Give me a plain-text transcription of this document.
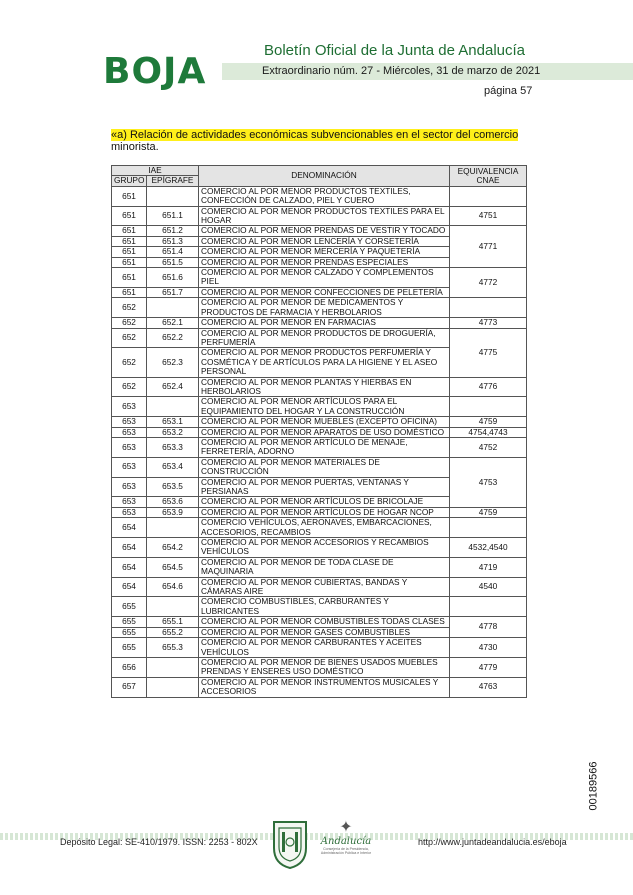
BOJA
Boletín Oficial de la Junta de Andalucía
Extraordinario núm. 27 - Miércoles, 31 de marzo de 2021
página 57
«a) Relación de actividades económicas subvencionables en el sector del comercio minorista.
IAE		DENOMINACIÓN	EQUIVALENCIA CNAE
GRUPO	EPÍGRAFE		
651		COMERCIO AL POR MENOR PRODUCTOS TEXTILES, CONFECCIÓN DE CALZADO, PIEL Y CUERO	
651	651.1	COMERCIO AL POR MENOR PRODUCTOS TEXTILES PARA EL HOGAR	4751
651	651.2	COMERCIO AL POR MENOR PRENDAS DE VESTIR Y TOCADO	4771
651	651.3	COMERCIO AL POR MENOR LENCERÍA Y CORSETERÍA	
651	651.4	COMERCIO AL POR MENOR MERCERÍA Y PAQUETERÍA	
651	651.5	COMERCIO AL POR MENOR PRENDAS ESPECIALES	
651	651.6	COMERCIO AL POR MENOR CALZADO Y COMPLEMENTOS PIEL	4772
651	651.7	COMERCIO AL POR MENOR CONFECCIONES DE PELETERÍA	
652		COMERCIO AL POR MENOR DE MEDICAMENTOS Y PRODUCTOS DE FARMACIA Y HERBOLARIOS	
652	652.1	COMERCIO AL POR MENOR EN FARMACIAS	4773
652	652.2	COMERCIO AL POR MENOR PRODUCTOS DE DROGUERÍA, PERFUMERÍA	4775
652	652.3	COMERCIO AL POR MENOR PRODUCTOS PERFUMERÍA Y COSMÉTICA Y DE ARTÍCULOS PARA LA HIGIENE Y EL ASEO PERSONAL	
652	652.4	COMERCIO AL POR MENOR PLANTAS Y HIERBAS EN HERBOLARIOS	4776
653		COMERCIO AL POR MENOR ARTÍCULOS PARA EL EQUIPAMIENTO DEL HOGAR Y LA CONSTRUCCIÓN	
653	653.1	COMERCIO AL POR MENOR MUEBLES (EXCEPTO OFICINA)	4759
653	653.2	COMERCIO AL POR MENOR APARATOS DE USO DOMÉSTICO	4754,4743
653	653.3	COMERCIO AL POR MENOR ARTÍCULO DE MENAJE, FERRETERÍA, ADORNO	4752
653	653.4	COMERCIO AL POR MENOR MATERIALES DE CONSTRUCCIÓN	4753
653	653.5	COMERCIO AL POR MENOR PUERTAS, VENTANAS Y PERSIANAS	
653	653.6	COMERCIO AL POR MENOR ARTÍCULOS DE BRICOLAJE	
653	653.9	COMERCIO AL POR MENOR ARTÍCULOS DE HOGAR NCOP	4759
654		COMERCIO VEHÍCULOS, AERONAVES, EMBARCACIONES, ACCESORIOS, RECAMBIOS	
654	654.2	COMERCIO AL POR MENOR ACCESORIOS Y RECAMBIOS VEHÍCULOS	4532,4540
654	654.5	COMERCIO AL POR MENOR DE TODA CLASE DE MAQUINARIA	4719
654	654.6	COMERCIO AL POR MENOR CUBIERTAS, BANDAS Y CÁMARAS AIRE	4540
655		COMERCIO COMBUSTIBLES, CARBURANTES Y LUBRICANTES	
655	655.1	COMERCIO AL POR MENOR COMBUSTIBLES TODAS CLASES	4778
655	655.2	COMERCIO AL POR MENOR GASES COMBUSTIBLES	
655	655.3	COMERCIO AL POR MENOR CARBURANTES Y ACEITES VEHÍCULOS	4730
656		COMERCIO AL POR MENOR DE BIENES USADOS MUEBLES PRENDAS Y ENSERES USO DOMÉSTICO	4779
657		COMERCIO AL POR MENOR INSTRUMENTOS MUSICALES Y ACCESORIOS	4763
00189566
Depósito Legal: SE-410/1979. ISSN: 2253 - 802X	http://www.juntadeandalucia.es/eboja
✦
Andalucía
Consejería de la Presidencia, Administración Pública e Interior
